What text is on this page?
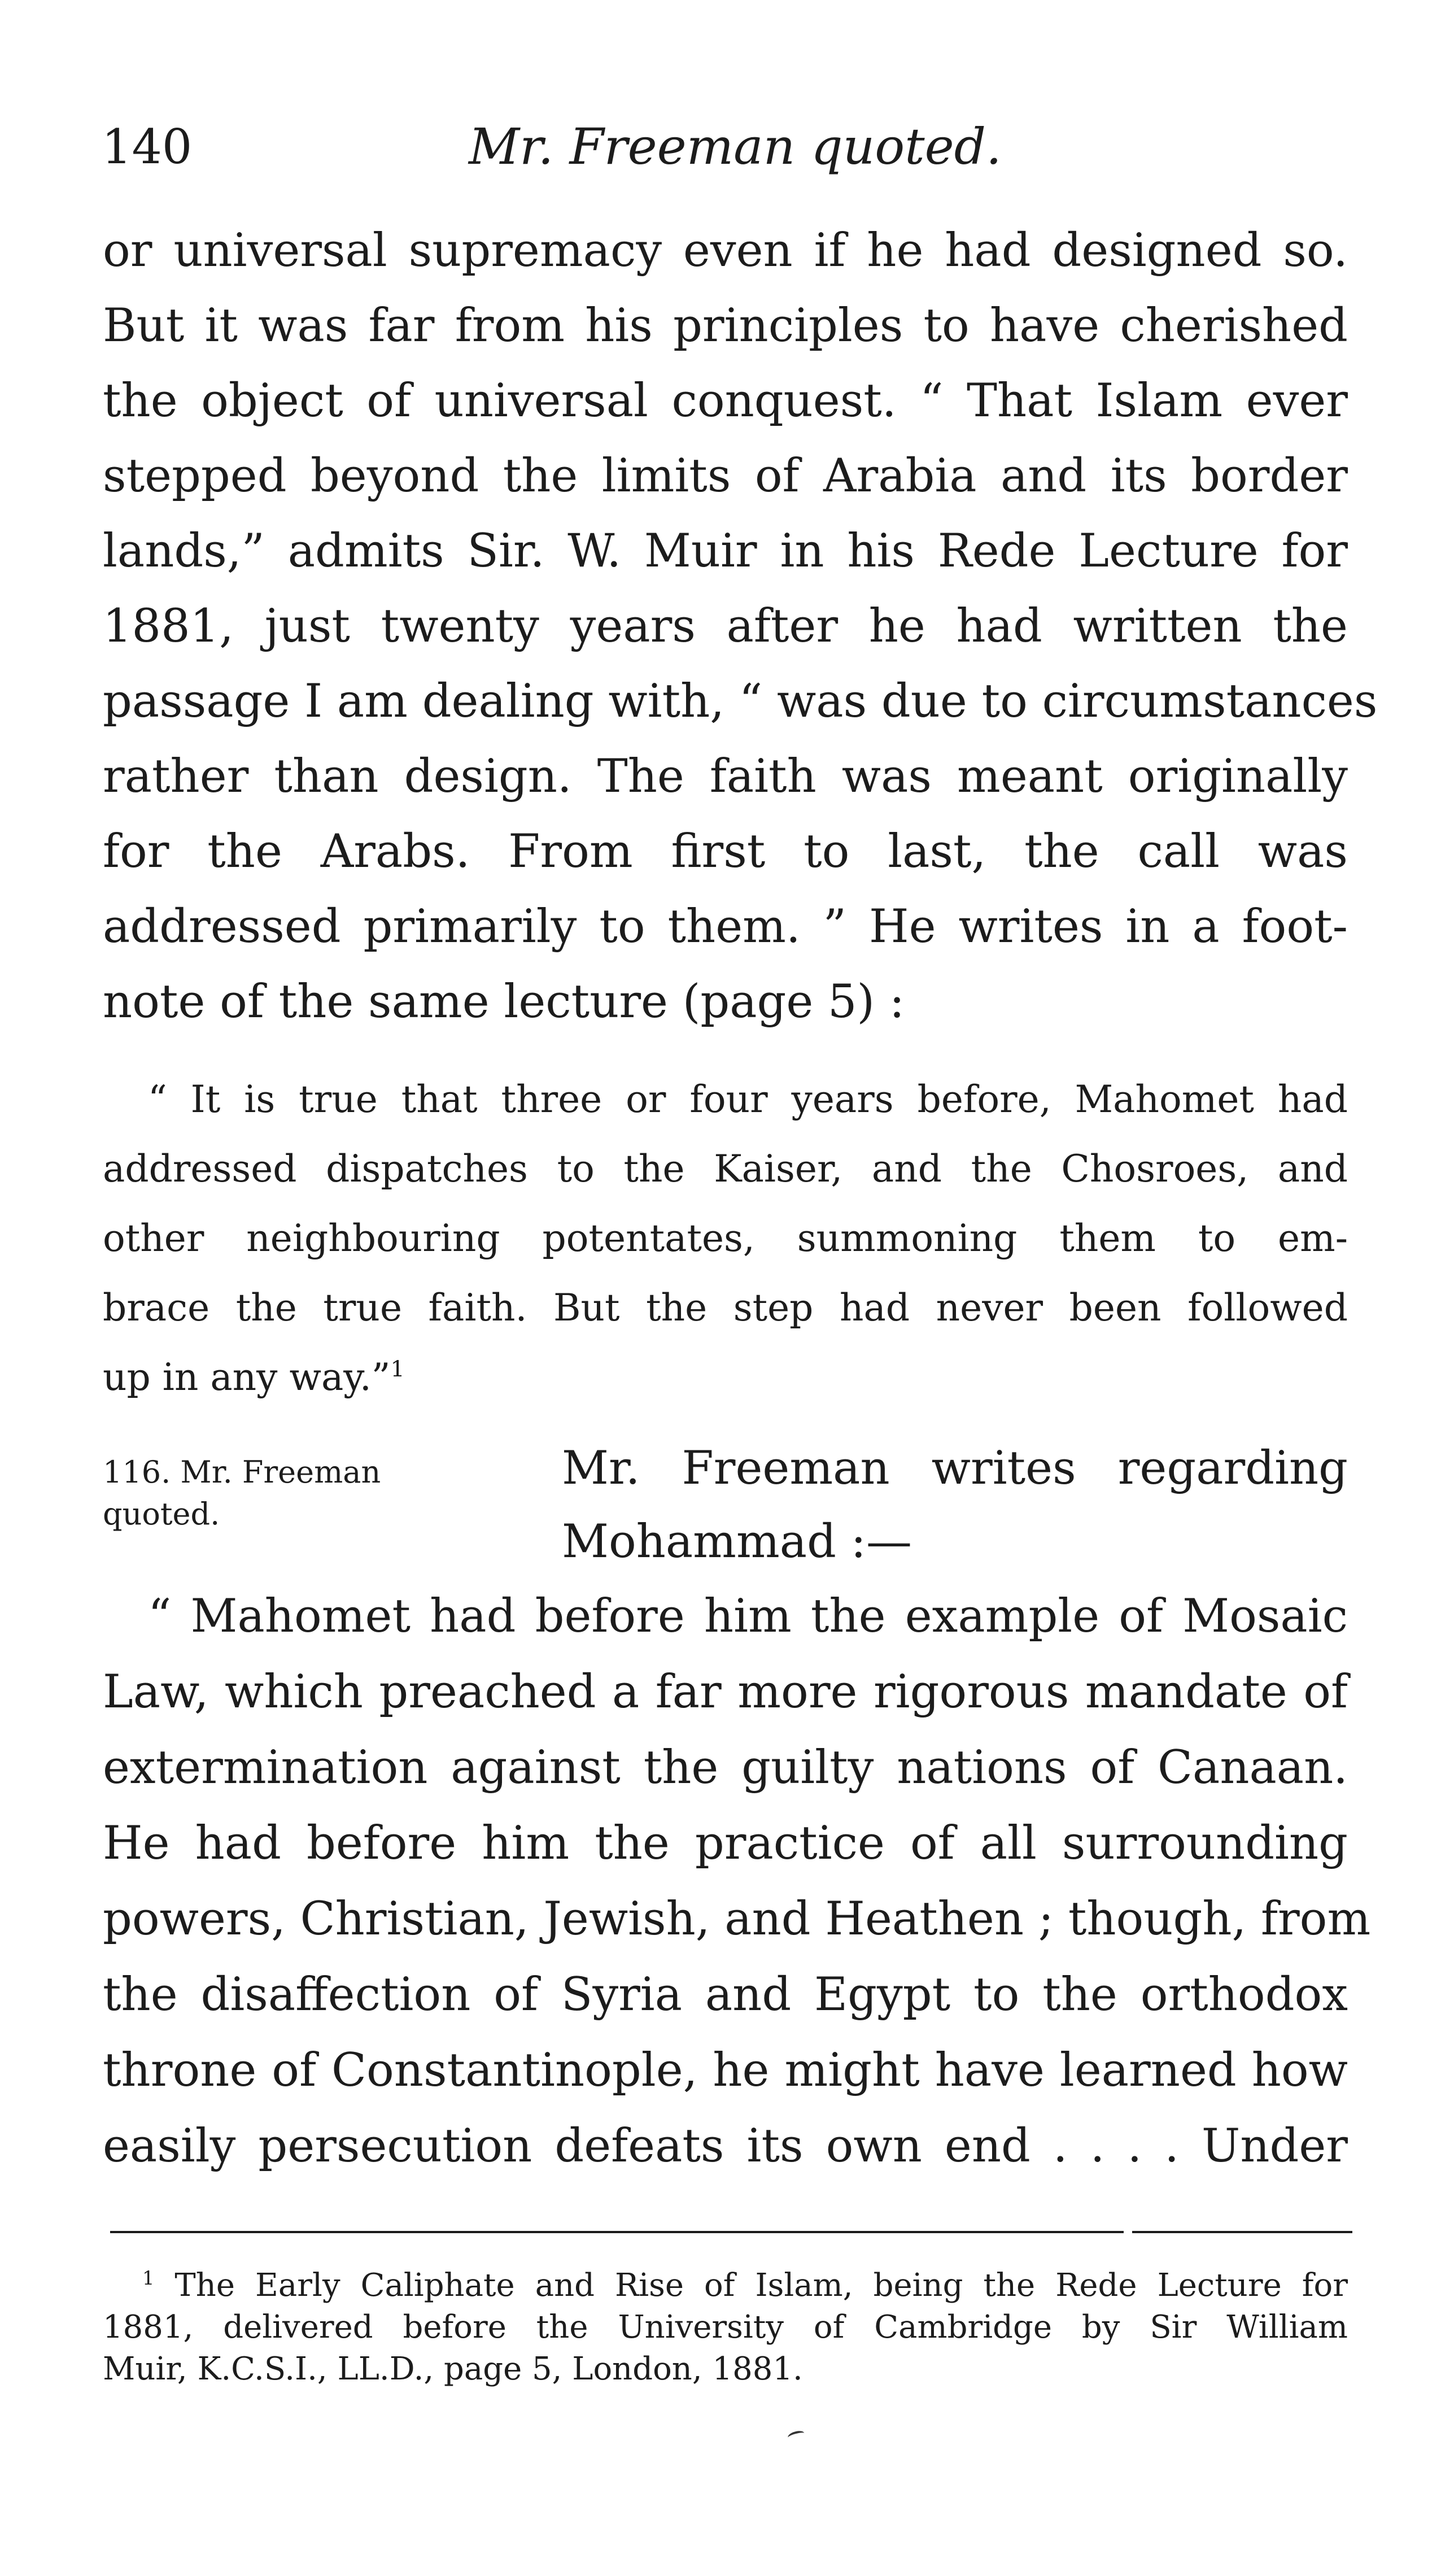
140	Mr. Freeman quoted.
or universal supremacy even if he had designed so.
But it was far from his principles to have cherished
the object of universal conquest. “ That Islam ever
stepped beyond the limits of Arabia and its border
lands,” admits Sir. W. Muir in his Rede Lecture for
1881, just twenty years after he had written the
passage I am dealing with, “ was due to circumstances
rather than design. The faith was meant originally
for the Arabs. From first to last, the call was
addressed primarily to them. ” He writes in a foot-
note of the same lecture (page 5) :
“ It is true that three or four years before, Mahomet had
addressed dispatches to the Kaiser, and the Chosroes, and
other neighbouring potentates, summoning them to em-
brace the true faith. But the step had never been followed
up in any way.”$^1$
116. Mr. Freeman
quoted.
Mr. Freeman writes regarding
Mohammad :—
“ Mahomet had before him the example of Mosaic
Law, which preached a far more rigorous mandate of
extermination against the guilty nations of Canaan.
He had before him the practice of all surrounding
powers, Christian, Jewish, and Heathen ; though, from
the disaffection of Syria and Egypt to the orthodox
throne of Constantinople, he might have learned how
easily persecution defeats its own end . . . . Under
$^1$ The Early Caliphate and Rise of Islam, being the Rede Lecture for
1881, delivered before the University of Cambridge by Sir William
Muir, K.C.S.I., LL.D., page 5, London, 1881.
